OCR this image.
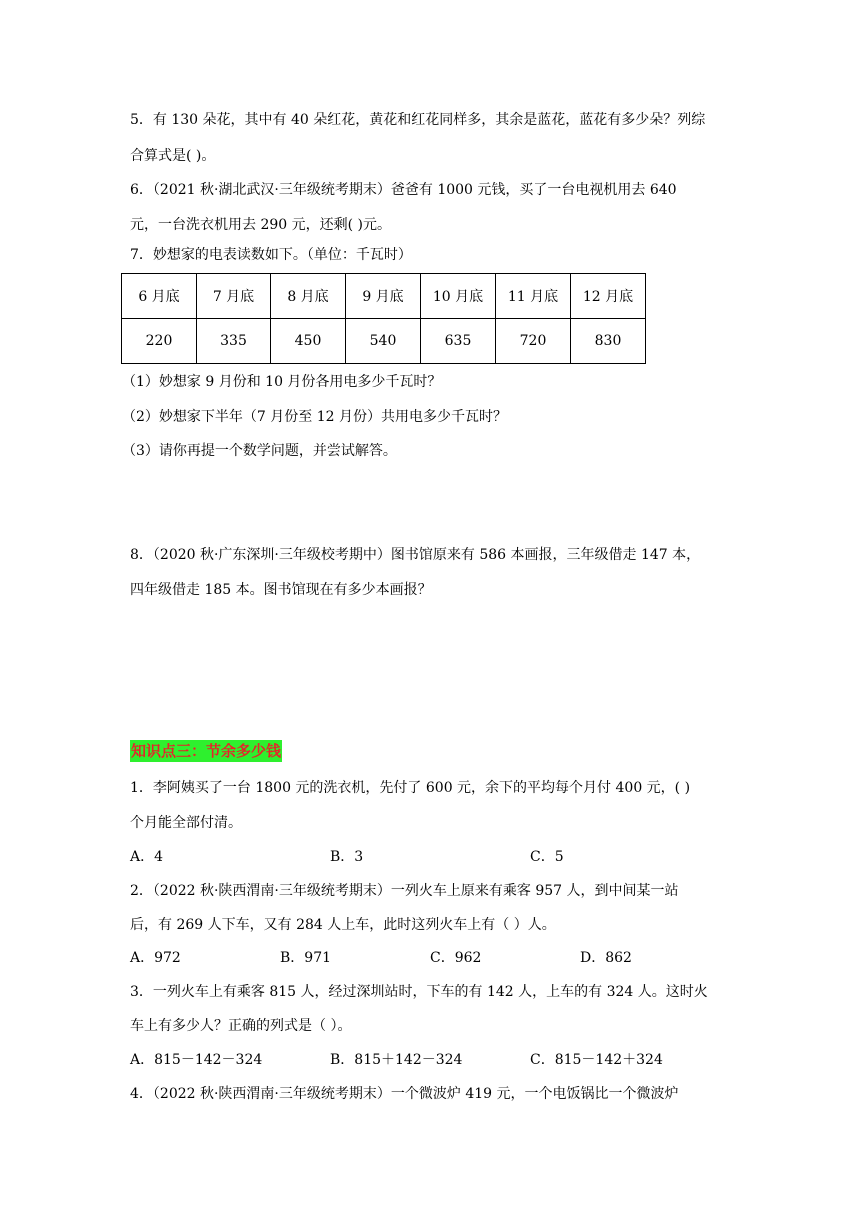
5．有 130 朵花，其中有 40 朵红花，黄花和红花同样多，其余是蓝花，蓝花有多少朵？列综
合算式是( )。
6．（2021 秋·湖北武汉·三年级统考期末）爸爸有 1000 元钱，买了一台电视机用去 640
元，一台洗衣机用去 290 元，还剩( )元。
7．妙想家的电表读数如下。（单位：千瓦时）
6 月底	7 月底	8 月底	9 月底	10 月底	11 月底	12 月底
220	335	450	540	635	720	830
（1）妙想家 9 月份和 10 月份各用电多少千瓦时？
（2）妙想家下半年（7 月份至 12 月份）共用电多少千瓦时？
（3）请你再提一个数学问题，并尝试解答。
8．（2020 秋·广东深圳·三年级校考期中）图书馆原来有 586 本画报，三年级借走 147 本，
四年级借走 185 本。图书馆现在有多少本画报？
知识点三：节余多少钱
1．李阿姨买了一台 1800 元的洗衣机，先付了 600 元，余下的平均每个月付 400 元，( )
个月能全部付清。
A．4	B．3	C．5
2．（2022 秋·陕西渭南·三年级统考期末）一列火车上原来有乘客 957 人，到中间某一站
后，有 269 人下车，又有 284 人上车，此时这列火车上有（ ）人。
A．972	B．971	C．962	D．862
3．一列火车上有乘客 815 人，经过深圳站时，下车的有 142 人，上车的有 324 人。这时火
车上有多少人？正确的列式是（ ）。
A．815－142－324	B．815＋142－324	C．815－142＋324
4．（2022 秋·陕西渭南·三年级统考期末）一个微波炉 419 元，一个电饭锅比一个微波炉
